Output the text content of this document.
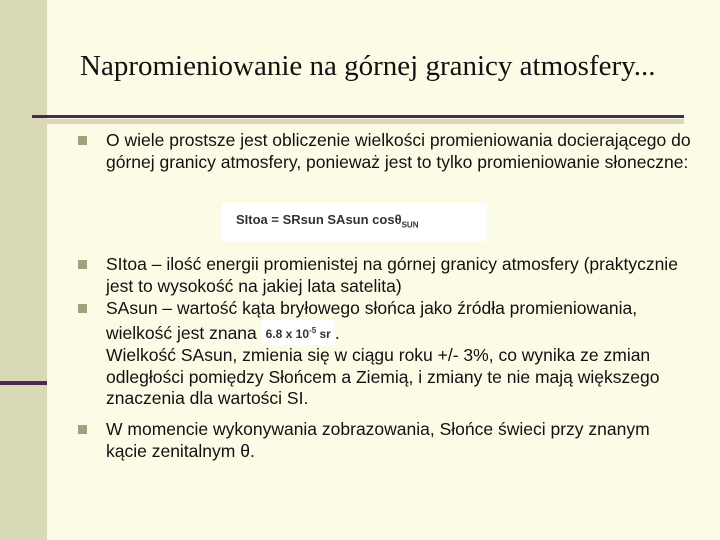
Napromieniowanie na górnej granicy atmosfery...
O wiele prostsze jest obliczenie wielkości promieniowania docierającego do górnej granicy atmosfery, ponieważ jest to tylko promieniowanie słoneczne:
SItoa = SRsun SAsun cosθ$_{SUN}$
SItoa – ilość energii promienistej na górnej granicy atmosfery (praktycznie jest to wysokość na jakiej lata satelita)
SAsun – wartość kąta bryłowego słońca jako źródła promieniowania, wielkość jest znana 6.8 x $10^{-5}$ sr .
Wielkość SAsun, zmienia się w ciągu roku +/- 3%, co wynika ze zmian odległości pomiędzy Słońcem a Ziemią, i zmiany te nie mają większego znaczenia dla wartości SI.
W momencie wykonywania zobrazowania, Słońce świeci przy znanym kącie zenitalnym θ.
